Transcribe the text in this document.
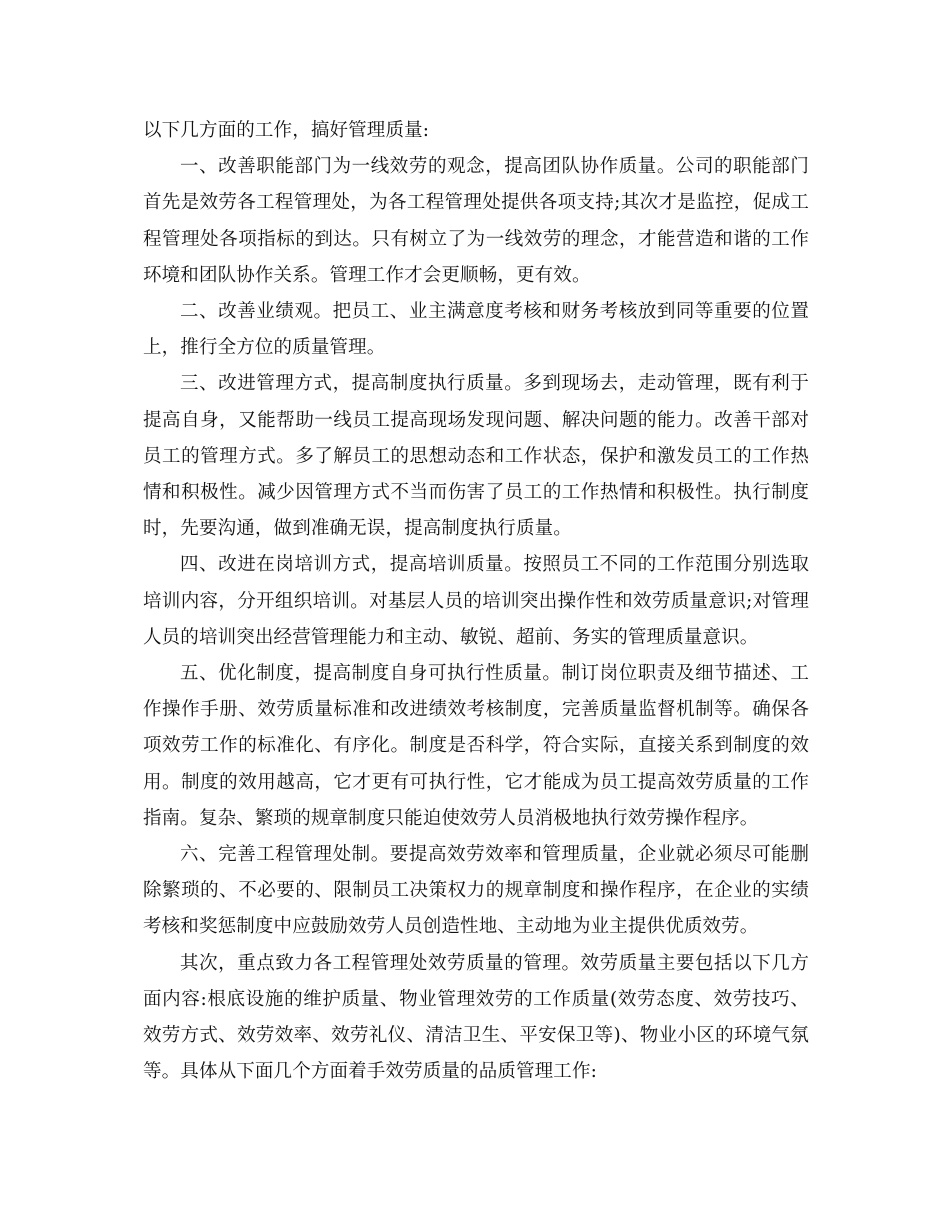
以下几方面的工作，搞好管理质量:

一、改善职能部门为一线效劳的观念，提高团队协作质量。公司的职能部门首先是效劳各工程管理处，为各工程管理处提供各项支持;其次才是监控，促成工程管理处各项指标的到达。只有树立了为一线效劳的理念，才能营造和谐的工作环境和团队协作关系。管理工作才会更顺畅，更有效。

二、改善业绩观。把员工、业主满意度考核和财务考核放到同等重要的位置上，推行全方位的质量管理。

三、改进管理方式，提高制度执行质量。多到现场去，走动管理，既有利于提高自身，又能帮助一线员工提高现场发现问题、解决问题的能力。改善干部对员工的管理方式。多了解员工的思想动态和工作状态，保护和激发员工的工作热情和积极性。减少因管理方式不当而伤害了员工的工作热情和积极性。执行制度时，先要沟通，做到准确无误，提高制度执行质量。

四、改进在岗培训方式，提高培训质量。按照员工不同的工作范围分别选取培训内容，分开组织培训。对基层人员的培训突出操作性和效劳质量意识;对管理人员的培训突出经营管理能力和主动、敏锐、超前、务实的管理质量意识。

五、优化制度，提高制度自身可执行性质量。制订岗位职责及细节描述、工作操作手册、效劳质量标准和改进绩效考核制度，完善质量监督机制等。确保各项效劳工作的标准化、有序化。制度是否科学，符合实际，直接关系到制度的效用。制度的效用越高，它才更有可执行性，它才能成为员工提高效劳质量的工作指南。复杂、繁琐的规章制度只能迫使效劳人员消极地执行效劳操作程序。

六、完善工程管理处制。要提高效劳效率和管理质量，企业就必须尽可能删除繁琐的、不必要的、限制员工决策权力的规章制度和操作程序，在企业的实绩考核和奖惩制度中应鼓励效劳人员创造性地、主动地为业主提供优质效劳。

其次，重点致力各工程管理处效劳质量的管理。效劳质量主要包括以下几方面内容:根底设施的维护质量、物业管理效劳的工作质量(效劳态度、效劳技巧、效劳方式、效劳效率、效劳礼仪、清洁卫生、平安保卫等)、物业小区的环境气氛等。具体从下面几个方面着手效劳质量的品质管理工作:
